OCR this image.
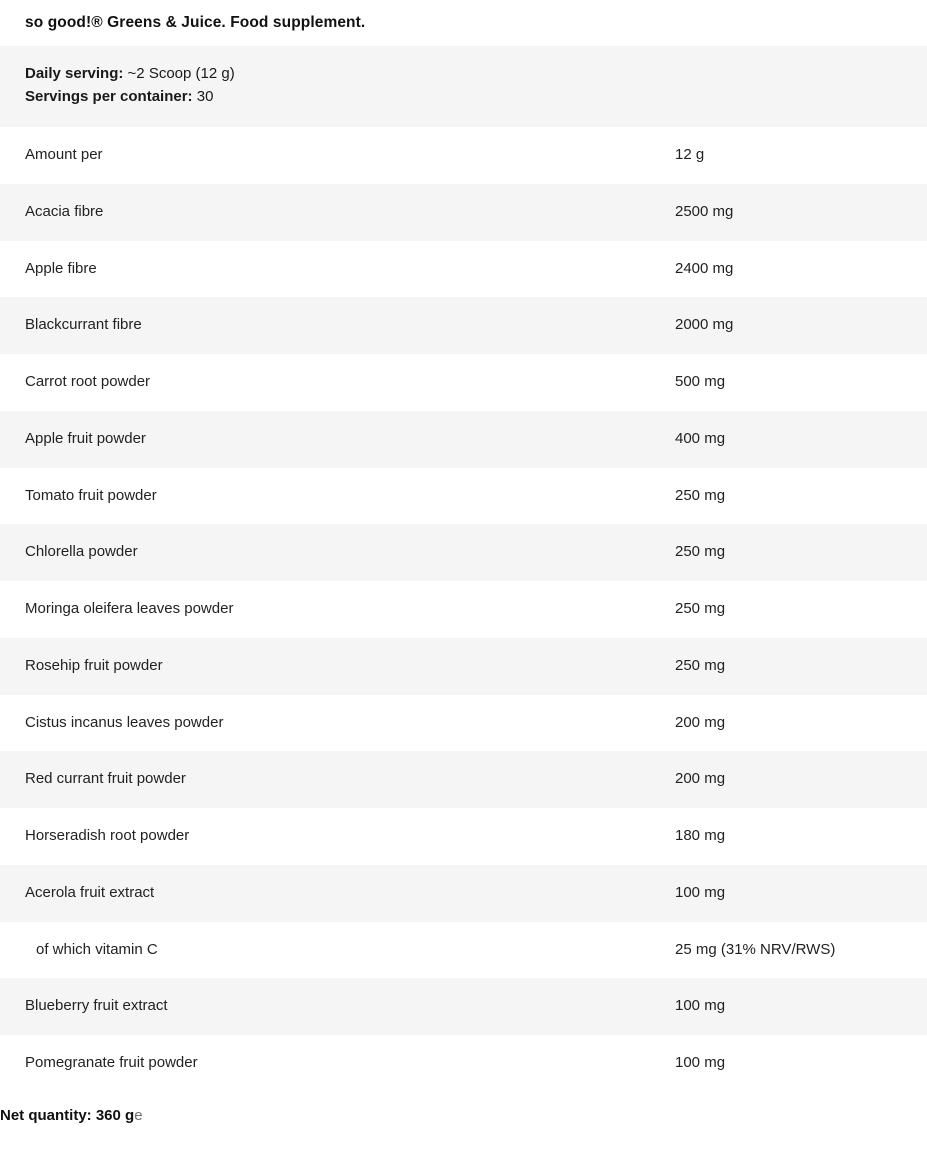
so good!® Greens & Juice. Food supplement.
Daily serving: ~2 Scoop (12 g)
Servings per container: 30
Amount per	12 g
Acacia fibre	2500 mg
Apple fibre	2400 mg
Blackcurrant fibre	2000 mg
Carrot root powder	500 mg
Apple fruit powder	400 mg
Tomato fruit powder	250 mg
Chlorella powder	250 mg
Moringa oleifera leaves powder	250 mg
Rosehip fruit powder	250 mg
Cistus incanus leaves powder	200 mg
Red currant fruit powder	200 mg
Horseradish root powder	180 mg
Acerola fruit extract	100 mg
of which vitamin C	25 mg (31% NRV/RWS)
Blueberry fruit extract	100 mg
Pomegranate fruit powder	100 mg
Net quantity: 360 ge
